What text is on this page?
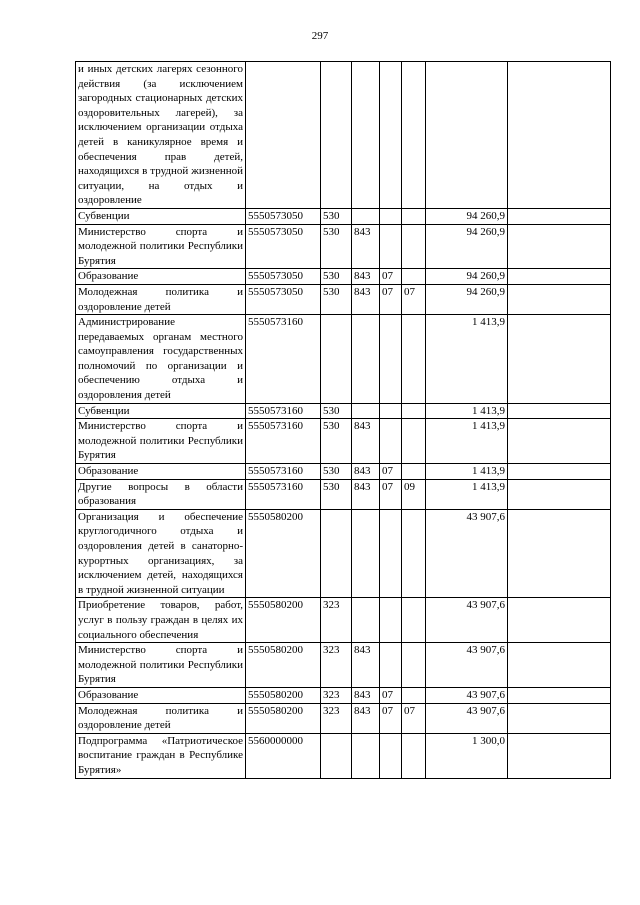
297
и иных детских лагерях сезонного действия (за исключением загородных стационарных детских оздоровительных лагерей), за исключением организации отдыха детей в каникулярное время и обеспечения прав детей, находящихся в трудной жизненной ситуации, на отдых и оздоровление							
Субвенции	5550573050	530				94 260,9	
Министерство спорта и молодежной политики Республики Бурятия	5550573050	530	843			94 260,9	
Образование	5550573050	530	843	07		94 260,9	
Молодежная политика и оздоровление детей	5550573050	530	843	07	07	94 260,9	
Администрирование передаваемых органам местного самоуправления государственных полномочий по организации и обеспечению отдыха и оздоровления детей	5550573160					1 413,9	
Субвенции	5550573160	530				1 413,9	
Министерство спорта и молодежной политики Республики Бурятия	5550573160	530	843			1 413,9	
Образование	5550573160	530	843	07		1 413,9	
Другие вопросы в области образования	5550573160	530	843	07	09	1 413,9	
Организация и обеспечение круглогодичного отдыха и оздоровления детей в санаторно-курортных организациях, за исключением детей, находящихся в трудной жизненной ситуации	5550580200					43 907,6	
Приобретение товаров, работ, услуг в пользу граждан в целях их социального обеспечения	5550580200	323				43 907,6	
Министерство спорта и молодежной политики Республики Бурятия	5550580200	323	843			43 907,6	
Образование	5550580200	323	843	07		43 907,6	
Молодежная политика и оздоровление детей	5550580200	323	843	07	07	43 907,6	
Подпрограмма «Патриотическое воспитание граждан в Республике Бурятия»	5560000000					1 300,0	
